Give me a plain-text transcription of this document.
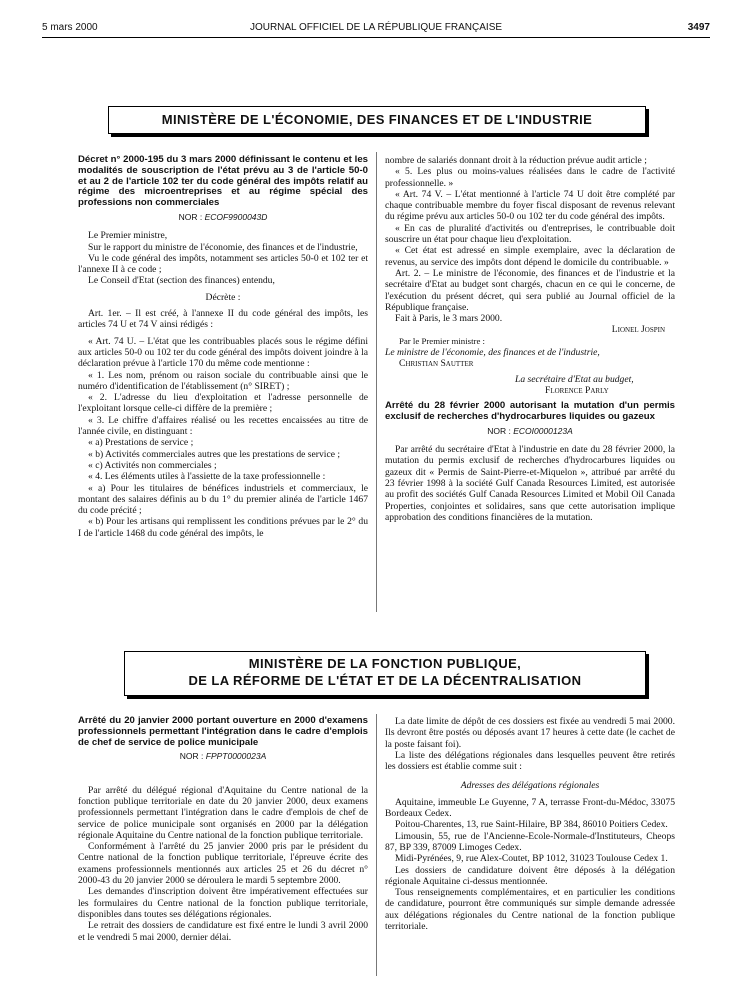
5 mars 2000	JOURNAL OFFICIEL DE LA RÉPUBLIQUE FRANÇAISE	3497
MINISTÈRE DE L'ÉCONOMIE, DES FINANCES ET DE L'INDUSTRIE
Décret n° 2000-195 du 3 mars 2000 définissant le contenu et les modalités de souscription de l'état prévu au 3 de l'article 50-0 et au 2 de l'article 102 ter du code général des impôts relatif au régime des microentreprises et au régime spécial des professions non commerciales
NOR : ECOF9900043D

Le Premier ministre,

Sur le rapport du ministre de l'économie, des finances et de l'industrie,

Vu le code général des impôts, notamment ses articles 50-0 et 102 ter et l'annexe II à ce code ;

Le Conseil d'Etat (section des finances) entendu,

Décrète :

Art. 1er. – Il est créé, à l'annexe II du code général des impôts, les articles 74 U et 74 V ainsi rédigés :

« Art. 74 U. – L'état que les contribuables placés sous le régime défini aux articles 50-0 ou 102 ter du code général des impôts doivent joindre à la déclaration prévue à l'article 170 du même code mentionne :

« 1. Les nom, prénom ou raison sociale du contribuable ainsi que le numéro d'identification de l'établissement (n° SIRET) ;

« 2. L'adresse du lieu d'exploitation et l'adresse personnelle de l'exploitant lorsque celle-ci diffère de la première ;

« 3. Le chiffre d'affaires réalisé ou les recettes encaissées au titre de l'année civile, en distinguant :

« a) Prestations de service ;

« b) Activités commerciales autres que les prestations de service ;

« c) Activités non commerciales ;

« 4. Les éléments utiles à l'assiette de la taxe professionnelle :

« a) Pour les titulaires de bénéfices industriels et commerciaux, le montant des salaires définis au b du 1° du premier alinéa de l'article 1467 du code précité ;

« b) Pour les artisans qui remplissent les conditions prévues par le 2° du I de l'article 1468 du code général des impôts, le

nombre de salariés donnant droit à la réduction prévue audit article ;

« 5. Les plus ou moins-values réalisées dans le cadre de l'activité professionnelle. »

« Art. 74 V. – L'état mentionné à l'article 74 U doit être complété par chaque contribuable membre du foyer fiscal disposant de revenus relevant du régime prévu aux articles 50-0 ou 102 ter du code général des impôts.

« En cas de pluralité d'activités ou d'entreprises, le contribuable doit souscrire un état pour chaque lieu d'exploitation.

« Cet état est adressé en simple exemplaire, avec la déclaration de revenus, au service des impôts dont dépend le domicile du contribuable. »

Art. 2. – Le ministre de l'économie, des finances et de l'industrie et la secrétaire d'Etat au budget sont chargés, chacun en ce qui le concerne, de l'exécution du présent décret, qui sera publié au Journal officiel de la République française.

Fait à Paris, le 3 mars 2000.

Lionel Jospin

Par le Premier ministre :

Le ministre de l'économie, des finances et de l'industrie,

Christian Sautter

La secrétaire d'Etat au budget,

Florence Parly

Arrêté du 28 février 2000 autorisant la mutation d'un permis exclusif de recherches d'hydrocarbures liquides ou gazeux
NOR : ECOI0000123A

Par arrêté du secrétaire d'Etat à l'industrie en date du 28 février 2000, la mutation du permis exclusif de recherches d'hydrocarbures liquides ou gazeux dit « Permis de Saint-Pierre-et-Miquelon », attribué par arrêté du 23 février 1998 à la société Gulf Canada Resources Limited, est autorisée au profit des sociétés Gulf Canada Resources Limited et Mobil Oil Canada Properties, conjointes et solidaires, sans que cette autorisation implique approbation des conditions financières de la mutation.

MINISTÈRE DE LA FONCTION PUBLIQUE,
DE LA RÉFORME DE L'ÉTAT ET DE LA DÉCENTRALISATION
Arrêté du 20 janvier 2000 portant ouverture en 2000 d'examens professionnels permettant l'intégration dans le cadre d'emplois de chef de service de police municipale
NOR : FPPT0000023A

Par arrêté du délégué régional d'Aquitaine du Centre national de la fonction publique territoriale en date du 20 janvier 2000, deux examens professionnels permettant l'intégration dans le cadre d'emplois de chef de service de police municipale sont organisés en 2000 par la délégation régionale Aquitaine du Centre national de la fonction publique territoriale.

Conformément à l'arrêté du 25 janvier 2000 pris par le président du Centre national de la fonction publique territoriale, l'épreuve écrite des examens professionnels mentionnés aux articles 25 et 26 du décret n° 2000-43 du 20 janvier 2000 se déroulera le mardi 5 septembre 2000.

Les demandes d'inscription doivent être impérativement effectuées sur les formulaires du Centre national de la fonction publique territoriale, disponibles dans toutes ses délégations régionales.

Le retrait des dossiers de candidature est fixé entre le lundi 3 avril 2000 et le vendredi 5 mai 2000, dernier délai.

La date limite de dépôt de ces dossiers est fixée au vendredi 5 mai 2000. Ils devront être postés ou déposés avant 17 heures à cette date (le cachet de la poste faisant foi).

La liste des délégations régionales dans lesquelles peuvent être retirés les dossiers est établie comme suit :

Adresses des délégations régionales

Aquitaine, immeuble Le Guyenne, 7 A, terrasse Front-du-Médoc, 33075 Bordeaux Cedex.

Poitou-Charentes, 13, rue Saint-Hilaire, BP 384, 86010 Poitiers Cedex.

Limousin, 55, rue de l'Ancienne-Ecole-Normale-d'Instituteurs, Cheops 87, BP 339, 87009 Limoges Cedex.

Midi-Pyrénées, 9, rue Alex-Coutet, BP 1012, 31023 Toulouse Cedex 1.

Les dossiers de candidature doivent être déposés à la délégation régionale Aquitaine ci-dessus mentionnée.

Tous renseignements complémentaires, et en particulier les conditions de candidature, pourront être communiqués sur simple demande adressée aux délégations régionales du Centre national de la fonction publique territoriale.
